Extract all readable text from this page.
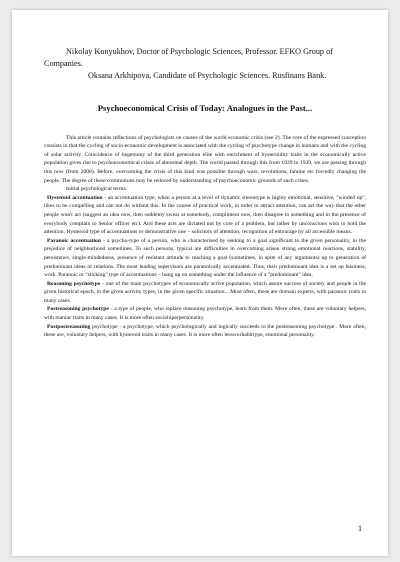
Nikolay Konyukhov, Doctor of Psychologic Sciences, Professor. EFKO Group of Companies.

Oksana Arkhipova, Candidate of Psychologic Sciences. Rusfinans Bank.

Psychoeconomical Crisis of Today: Analogues in the Past...

This article contains reflections of psychologists on causes of the world economic crisis (see 2). The core of the expressed conception consists in that the cycling of socio-economic development is associated with the cycling of psychotype change in humans and with the cycling of solar activity. Coincidence of hegemony of the third generation elite with enrichment of hysteroidity traits in the economically active population gives rise to psychoeconomical crises of abnormal depth. The world passed through this from 1929 to 1939, we are passing through this now (from 2008). Before, overcoming the crisis of this kind was possible through wars, revolutions, famine etc forcedly changing the people. The degree of these commotions may be reduced by understanding of psychoeconomic grounds of such crises.

Initial psychological terms.

Hysteroid accentuation - an accentuation type, when a person at a level of dynamic stereotype is highly emotional, sensitive, "winded up", likes to be compelling and can not do without this. In the course of practical work, in order to attract attention, can act the way that the other people won't act (suggest an idea now, then suddenly swear at somebody, compliment now, then disagree to something and in the presence of everybody complain to Senior officer etc). And these acts are dictated not by core of a problem, but rather by unconscious wish to hold the attention. Hysteroid type of accentuations or demonstrative one – solicitors of attention, recognition of entourage by all accessible means.

Paranoic accentuation - a psycho-type of a person, who is characterised by seeking to a goal significant to the given personality, to the prejudice of neighborhood sometimes. To such persons, typical are difficulties in overcoming arisen strong emotional reactions, stability, persistence, single-mindedness, presence of resistant attitude to reaching a goal (sometimes, in spite of any arguments) up to generation of predominant ideas or relations. The most leading supervisors are paranoically accentuated. Thus, their predominant idea is a set up business, work. Paranoic or "sticking" type of accentuations – hung up on something under the influence of a "predominant" idea.

Reasoning psychotype - one of the main psychotypes of economically active population, which assure success of society and people in the given historical epoch, in the given activity types, in the given specific situation... Most often, these are domain experts, with paranoic traits in many cases.

Postreasoning psychotype - a type of people, who replace reasoning psychotype, learn from them. More often, these are voluntary helpers, with maniac traits in many cases. It is more often sociohiperpersonality.

Postpostreasoning psychotype - a psychotype, which psychologically and logically succeeds to the postreasoning psychotype . More often, these are, voluntary helpers, with hysteroid traits in many cases. It is more often lessworkablrtype, emotional personality.

1
